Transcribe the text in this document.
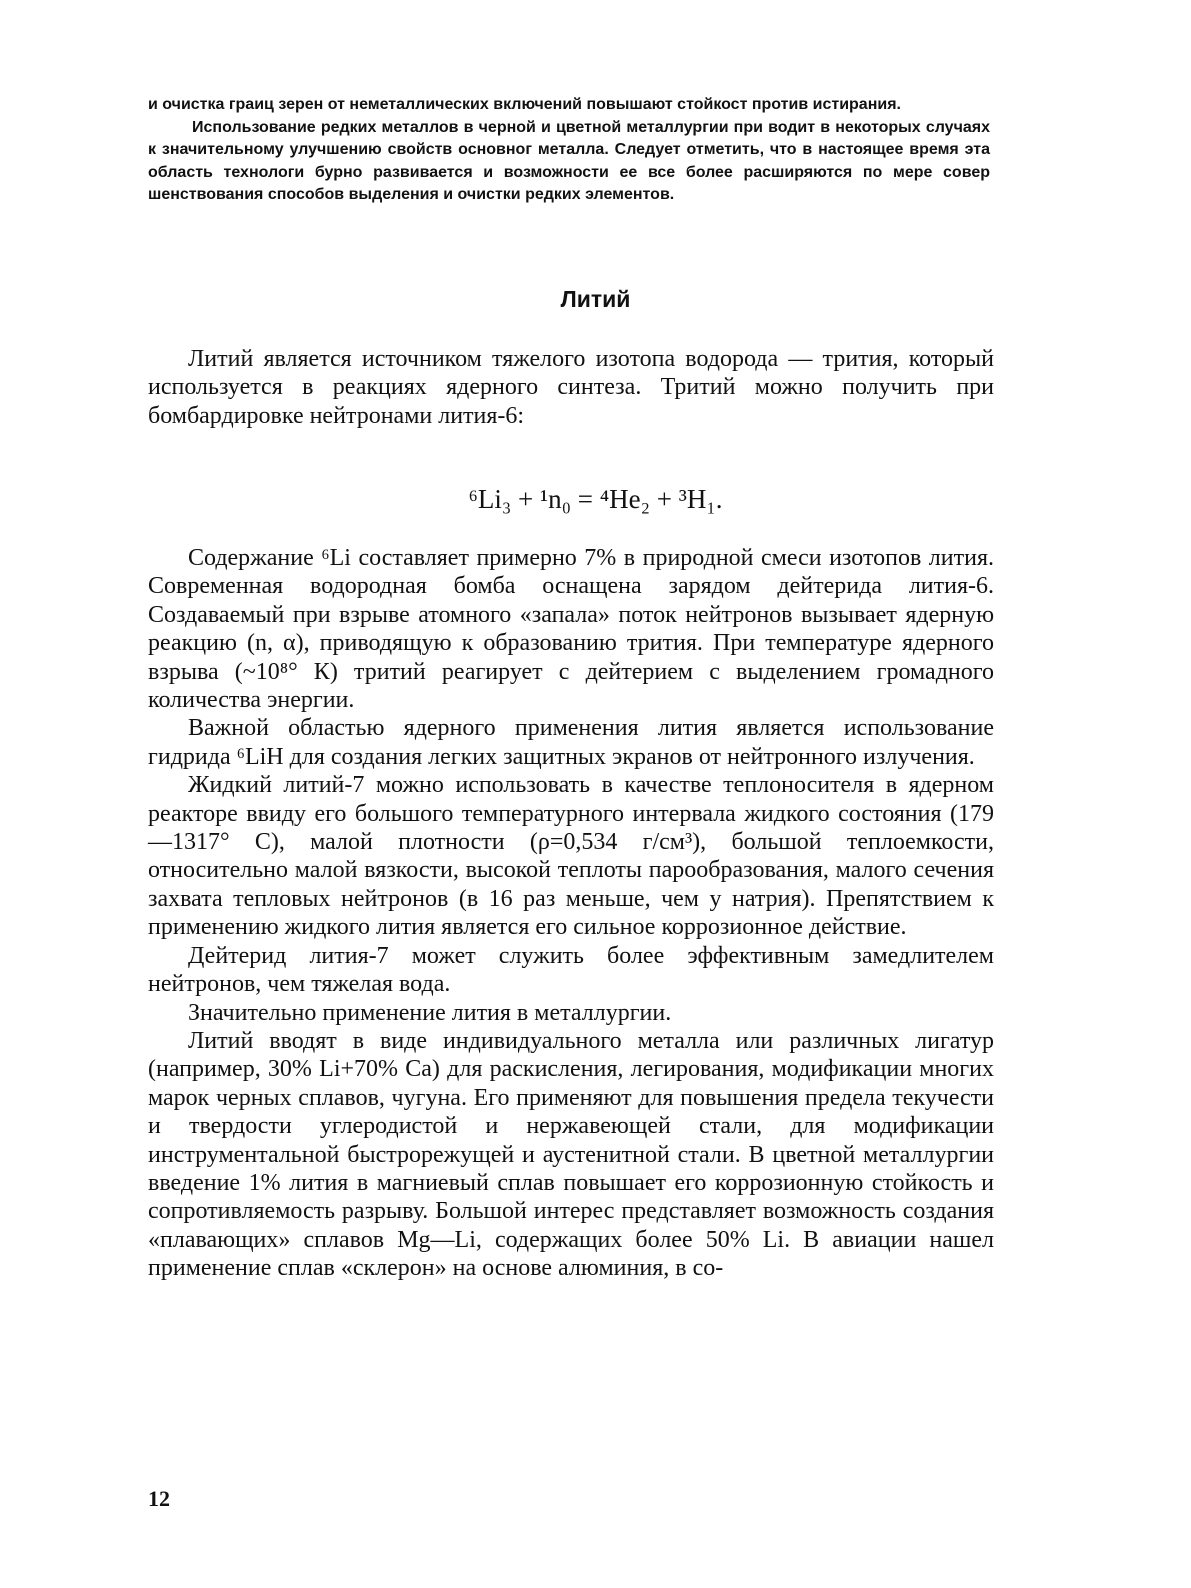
и очистка граиц зерен от неметаллических включений повышают стойкост против истирания.

Использование редких металлов в черной и цветной металлургии при водит в некоторых случаях к значительному улучшению свойств основног металла. Следует отметить, что в настоящее время эта область технологи бурно развивается и возможности ее все более расширяются по мере совер шенствования способов выделения и очистки редких элементов.

Литий

Литий является источником тяжелого изотопа водорода — трития, который используется в реакциях ядерного синтеза. Тритий можно получить при бомбардировке нейтронами лития-6:

⁶Li₃ + ¹n₀ = ⁴He₂ + ³H₁.

Содержание ⁶Li составляет примерно 7% в природной смеси изотопов лития. Современная водородная бомба оснащена зарядом дейтерида лития-6. Создаваемый при взрыве атомного «запала» поток нейтронов вызывает ядерную реакцию (n, α), приводящую к образованию трития. При температуре ядерного взрыва (~10⁸° К) тритий реагирует с дейтерием с выделением громадного количества энергии.

Важной областью ядерного применения лития является использование гидрида ⁶LiH для создания легких защитных экранов от нейтронного излучения.

Жидкий литий-7 можно использовать в качестве теплоносителя в ядерном реакторе ввиду его большого температурного интервала жидкого состояния (179—1317° С), малой плотности (ρ=0,534 г/см³), большой теплоемкости, относительно малой вязкости, высокой теплоты парообразования, малого сечения захвата тепловых нейтронов (в 16 раз меньше, чем у натрия). Препятствием к применению жидкого лития является его сильное коррозионное действие.

Дейтерид лития-7 может служить более эффективным замедлителем нейтронов, чем тяжелая вода.

Значительно применение лития в металлургии.

Литий вводят в виде индивидуального металла или различных лигатур (например, 30% Li+70% Са) для раскисления, легирования, модификации многих марок черных сплавов, чугуна. Его применяют для повышения предела текучести и твердости углеродистой и нержавеющей стали, для модификации инструментальной быстрорежущей и аустенитной стали. В цветной металлургии введение 1% лития в магниевый сплав повышает его коррозионную стойкость и сопротивляемость разрыву. Большой интерес представляет возможность создания «плавающих» сплавов Mg—Li, содержащих более 50% Li. В авиации нашел применение сплав «склерон» на основе алюминия, в со-

12
